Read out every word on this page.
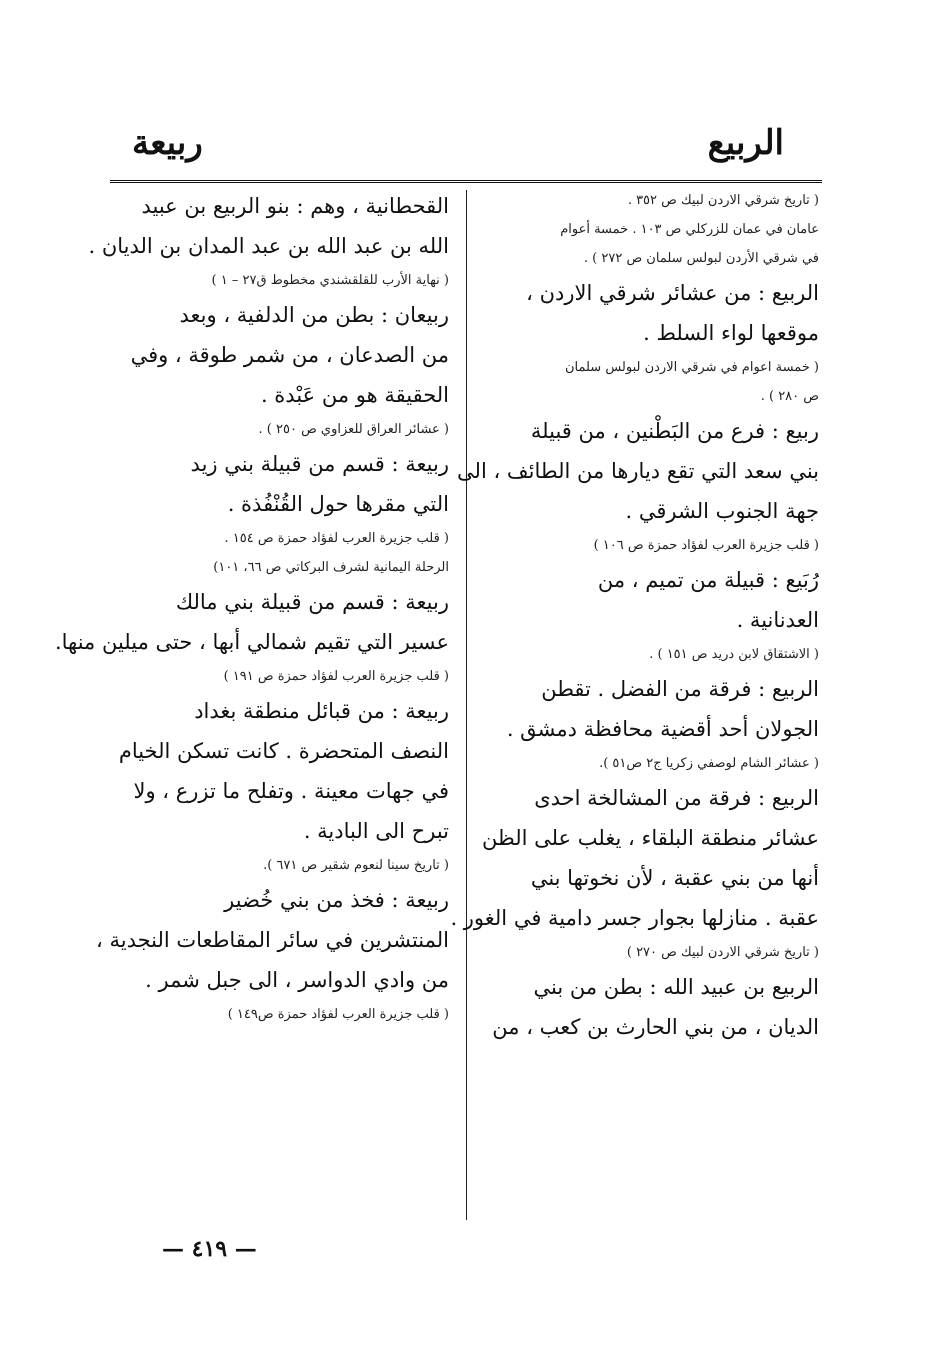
الربيع
ربيعة
( تاريخ شرقي الاردن لبيك ص ٣٥٢ .
عامان في عمان للزركلي ص ١٠٣ . خمسة أعوام
في شرقي الأردن لبولس سلمان ص ٢٧٢ ) .
الربيع : من عشائر شرقي الاردن ،
موقعها لواء السلط .
( خمسة اعوام في شرقي الاردن لبولس سلمان
ص ٢٨٠ ) .
ربيع : فرع من البَطْنين ، من قبيلة
بني سعد التي تقع ديارها من الطائف ، الى
جهة الجنوب الشرقي .
( قلب جزيرة العرب لفؤاد حمزة ص ١٠٦ )
رُبَيع : قبيلة من تميم ، من
العدنانية .
( الاشتقاق لابن دريد ص ١٥١ ) .
الربيع : فرقة من الفضل . تقطن
الجولان أحد أقضية محافظة دمشق .
( عشائر الشام لوصفي زكريا ج٢ ص٥١ ).
الربيع : فرقة من المشالخة احدى
عشائر منطقة البلقاء ، يغلب على الظن
أنها من بني عقبة ، لأن نخوتها بني
عقبة . منازلها بجوار جسر دامية في الغور .
( تاريخ شرقي الاردن لبيك ص ٢٧٠ )
الربيع بن عبيد الله : بطن من بني
الديان ، من بني الحارث بن كعب ، من
القحطانية ، وهم : بنو الربيع بن عبيد
الله بن عبد الله بن عبد المدان بن الديان .
( نهاية الأرب للقلقشندي مخطوط ق٢٧ – ١ )
ربيعان : بطن من الدلفية ، وبعد
من الصدعان ، من شمر طوقة ، وفي
الحقيقة هو من عَبْدة .
( عشائر العراق للعزاوي ص ٢٥٠ ) .
ربيعة : قسم من قبيلة بني زيد
التي مقرها حول القُنْفُذة .
( قلب جزيرة العرب لفؤاد حمزة ص ١٥٤ .
الرحلة اليمانية لشرف البركاتي ص ٦٦، ١٠١)
ربيعة : قسم من قبيلة بني مالك
عسير التي تقيم شمالي أبها ، حتى ميلين منها.
( قلب جزيرة العرب لفؤاد حمزة ص ١٩١ )
ربيعة : من قبائل منطقة بغداد
النصف المتحضرة . كانت تسكن الخيام
في جهات معينة . وتفلح ما تزرع ، ولا
تبرح الى البادية .
( تاريخ سينا لنعوم شقير ص ٦٧١ ).
ربيعة : فخذ من بني خُضير
المنتشرين في سائر المقاطعات النجدية ،
من وادي الدواسر ، الى جبل شمر .
( قلب جزيرة العرب لفؤاد حمزة ص١٤٩ )
— ٤١٩ —
